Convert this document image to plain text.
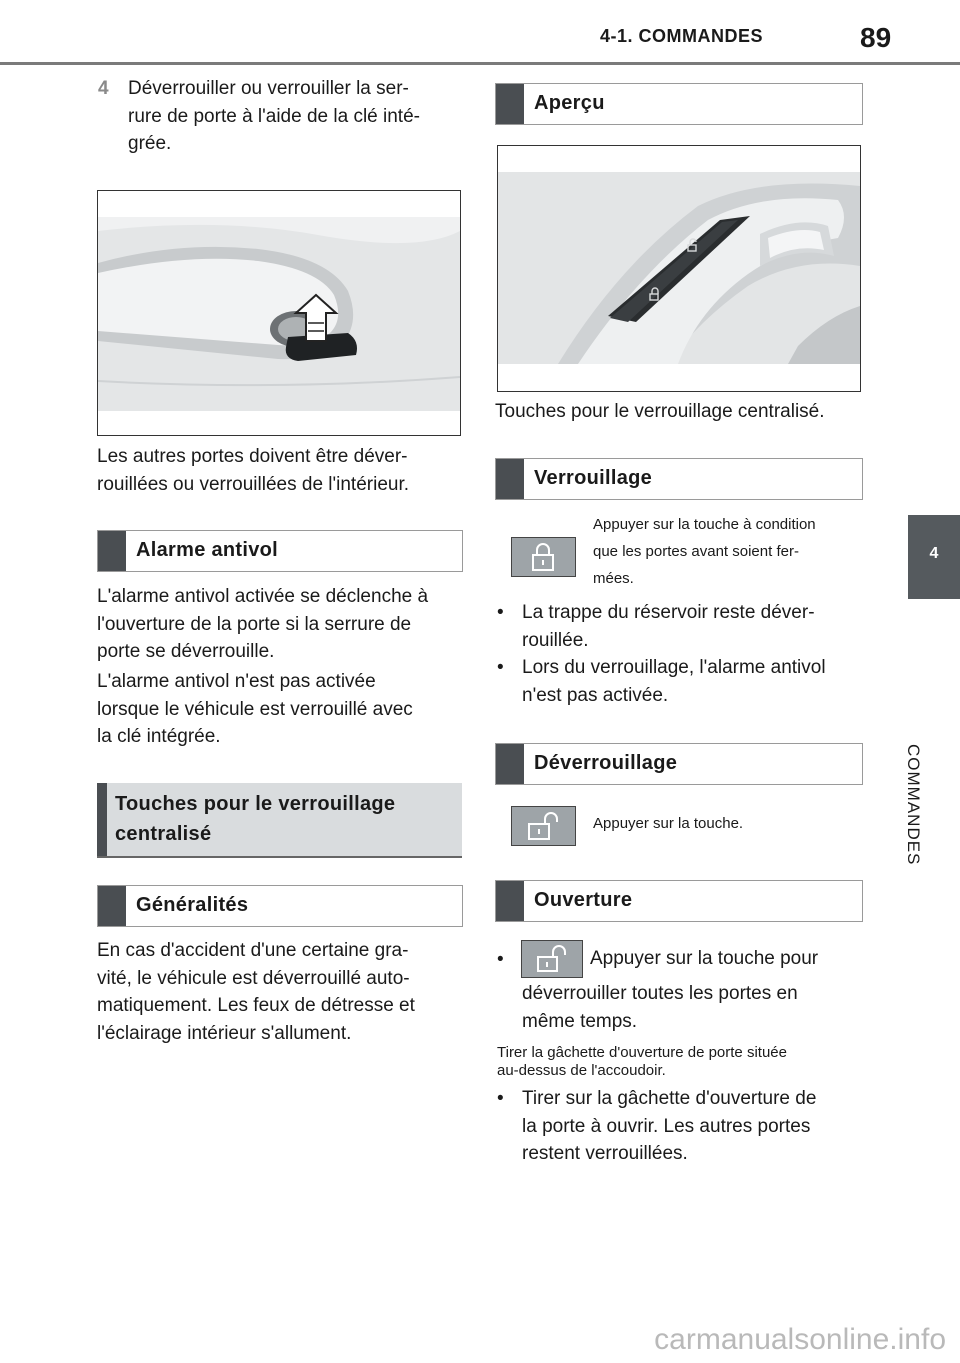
4-1. COMMANDES	89
4
COMMANDES
4	Déverrouiller ou verrouiller la ser-
rure de porte à l'aide de la clé inté-
grée.
Les autres portes doivent être déver-
rouillées ou verrouillées de l'intérieur.
Alarme antivol
L'alarme antivol activée se déclenche à
l'ouverture de la porte si la serrure de
porte se déverrouille.
L'alarme antivol n'est pas activée
lorsque le véhicule est verrouillé avec
la clé intégrée.
Touches pour le verrouillage
centralisé
Généralités
En cas d'accident d'une certaine gra-
vité, le véhicule est déverrouillé auto-
matiquement. Les feux de détresse et
l'éclairage intérieur s'allument.
Aperçu
Touches pour le verrouillage centralisé.
Verrouillage
Appuyer sur la touche à condition
que les portes avant soient fer-
mées.
• La trappe du réservoir reste déver-
rouillée.
• Lors du verrouillage, l'alarme antivol
n'est pas activée.
Déverrouillage
Appuyer sur la touche.
Ouverture
•	Appuyer sur la touche pour
déverrouiller toutes les portes en
même temps.
Tirer la gâchette d'ouverture de porte située
au-dessus de l'accoudoir.
• Tirer sur la gâchette d'ouverture de
la porte à ouvrir. Les autres portes
restent verrouillées.
carmanualsonline.info
